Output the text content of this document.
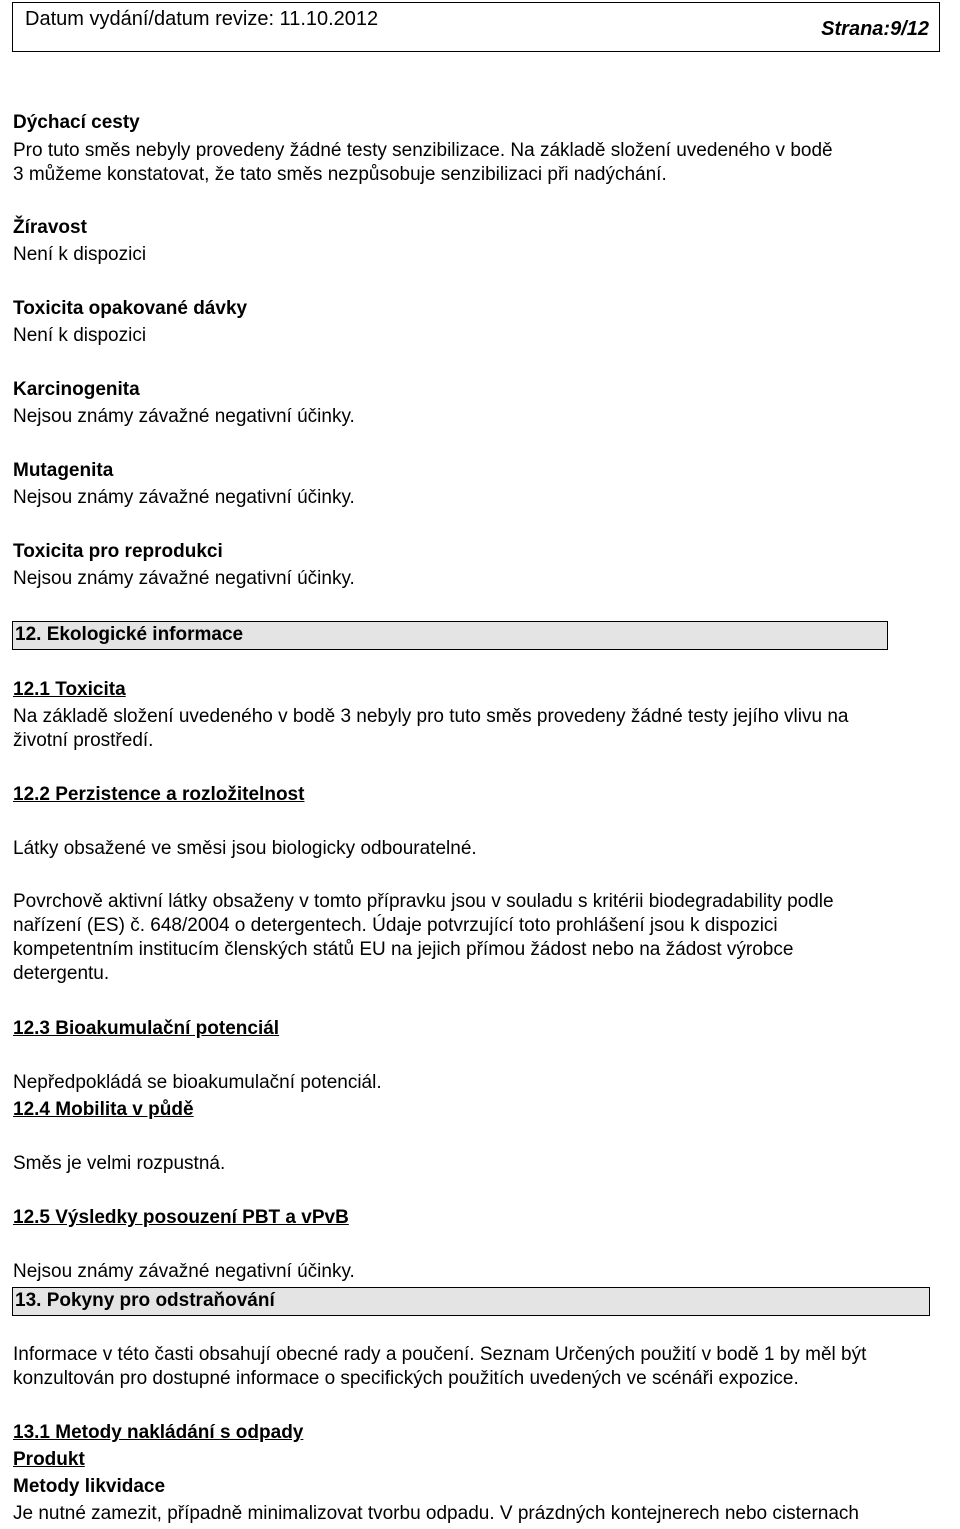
Datum vydání/datum revize: 11.10.2012	Strana:9/12
Dýchací cesty
Pro tuto směs nebyly provedeny žádné testy senzibilizace. Na základě složení uvedeného v bodě
3 můžeme konstatovat, že tato směs nezpůsobuje senzibilizaci při nadýchání.
Žíravost
Není k dispozici
Toxicita opakované dávky
Není k dispozici
Karcinogenita
Nejsou známy závažné negativní účinky.
Mutagenita
Nejsou známy závažné negativní účinky.
Toxicita pro reprodukci
Nejsou známy závažné negativní účinky.
12. Ekologické informace
12.1 Toxicita
Na základě složení uvedeného v bodě 3 nebyly pro tuto směs provedeny žádné testy jejího vlivu na
životní prostředí.
12.2 Perzistence a rozložitelnost
Látky obsažené ve směsi jsou biologicky odbouratelné.
Povrchově aktivní látky obsaženy v tomto přípravku jsou v souladu s kritérii biodegradability podle
nařízení (ES) č. 648/2004 o detergentech. Údaje potvrzující toto prohlášení jsou k dispozici
kompetentním institucím členských států EU na jejich přímou žádost nebo na žádost výrobce
detergentu.
12.3 Bioakumulační potenciál
Nepředpokládá se bioakumulační potenciál.
12.4 Mobilita v půdě
Směs je velmi rozpustná.
12.5 Výsledky posouzení PBT a vPvB
Nejsou známy závažné negativní účinky.
13. Pokyny pro odstraňování
Informace v této časti obsahují obecné rady a poučení. Seznam Určených použití v bodě 1 by měl být
konzultován pro dostupné informace o specifických použitích uvedených ve scénáři expozice.
13.1 Metody nakládání s odpady
Produkt
Metody likvidace
Je nutné zamezit, případně minimalizovat tvorbu odpadu. V prázdných kontejnerech nebo cisternach
